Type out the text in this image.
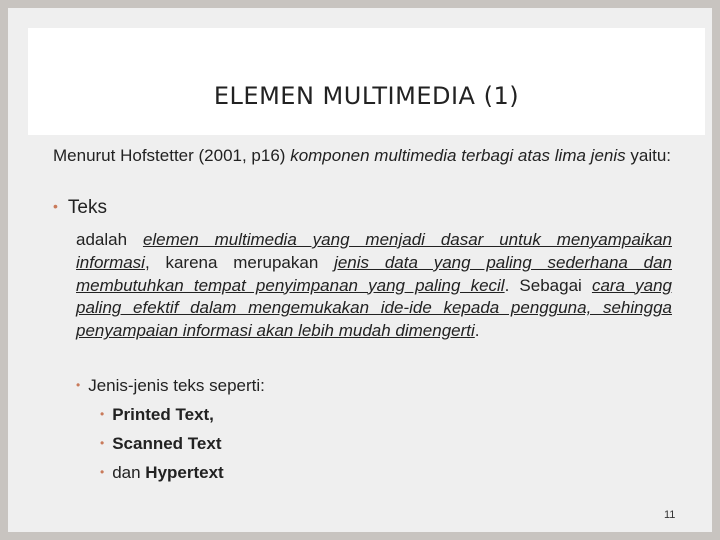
ELEMEN MULTIMEDIA (1)
Menurut Hofstetter (2001, p16) komponen multimedia terbagi atas lima jenis yaitu:
• Teks
adalah elemen multimedia yang menjadi dasar untuk menyampaikan informasi, karena merupakan jenis data yang paling sederhana dan membutuhkan tempat penyimpanan yang paling kecil. Sebagai cara yang paling efektif dalam mengemukakan ide-ide kepada pengguna, sehingga penyampaian informasi akan lebih mudah dimengerti.
• Jenis-jenis teks seperti:
• Printed Text,
• Scanned Text
• dan Hypertext
11
